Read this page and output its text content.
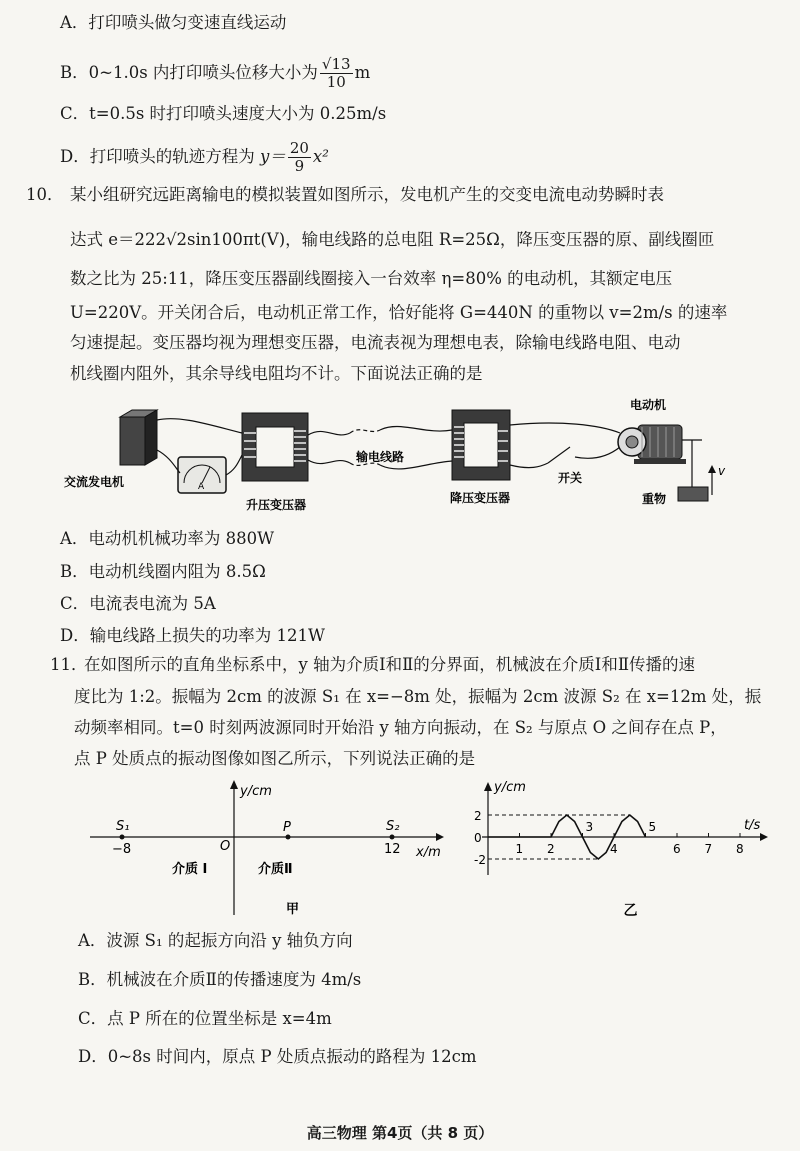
A．打印喷头做匀变速直线运动
B．0~1.0s 内打印喷头位移大小为 $\frac{√13}{10}$ m
C．t=0.5s 时打印喷头速度大小为 0.25m/s
D．打印喷头的轨迹方程为 $y= \frac{20}{9} x^2$
10． 某小组研究远距离输电的模拟装置如图所示，发电机产生的交变电流电动势瞬时表
达式 e＝222√2sin100πt(V)，输电线路的总电阻 R=25Ω，降压变压器的原、副线圈匝
数之比为 25:11，降压变压器副线圈接入一台效率 η=80% 的电动机，其额定电压
U=220V。开关闭合后，电动机正常工作，恰好能将 G=440N 的重物以 v=2m/s 的速率
匀速提起。变压器均视为理想变压器，电流表视为理想电表，除输电线路电阻、电动
机线圈内阻外，其余导线电阻均不计。下面说法正确的是
A
v
交流发电机
升压变压器
输电线路
降压变压器
开关
电动机
重物
A．电动机机械功率为 880W
B．电动机线圈内阻为 8.5Ω
C．电流表电流为 5A
D．输电线路上损失的功率为 121W
11．
在如图所示的直角坐标系中，y 轴为介质Ⅰ和Ⅱ的分界面，机械波在介质Ⅰ和Ⅱ传播的速
度比为 1:2。振幅为 2cm 的波源 S₁ 在 x=−8m 处，振幅为 2cm 波源 S₂ 在 x=12m 处，振
动频率相同。t=0 时刻两波源同时开始沿 y 轴方向振动，在 S₂ 与原点 O 之间存在点 P，
点 P 处质点的振动图像如图乙所示，下列说法正确的是
y/cm
x/m
S₁	S₂
P
O
−8	12
介质 Ⅰ	介质Ⅱ
甲
y/cm
t/s
2
0
-2
1 2
3
4
5
6 7 8
乙
A．波源 S₁ 的起振方向沿 y 轴负方向
B．机械波在介质Ⅱ的传播速度为 4m/s
C．点 P 所在的位置坐标是 x=4m
D．0~8s 时间内，原点 P 处质点振动的路程为 12cm
高三物理 第4页（共 8 页）
